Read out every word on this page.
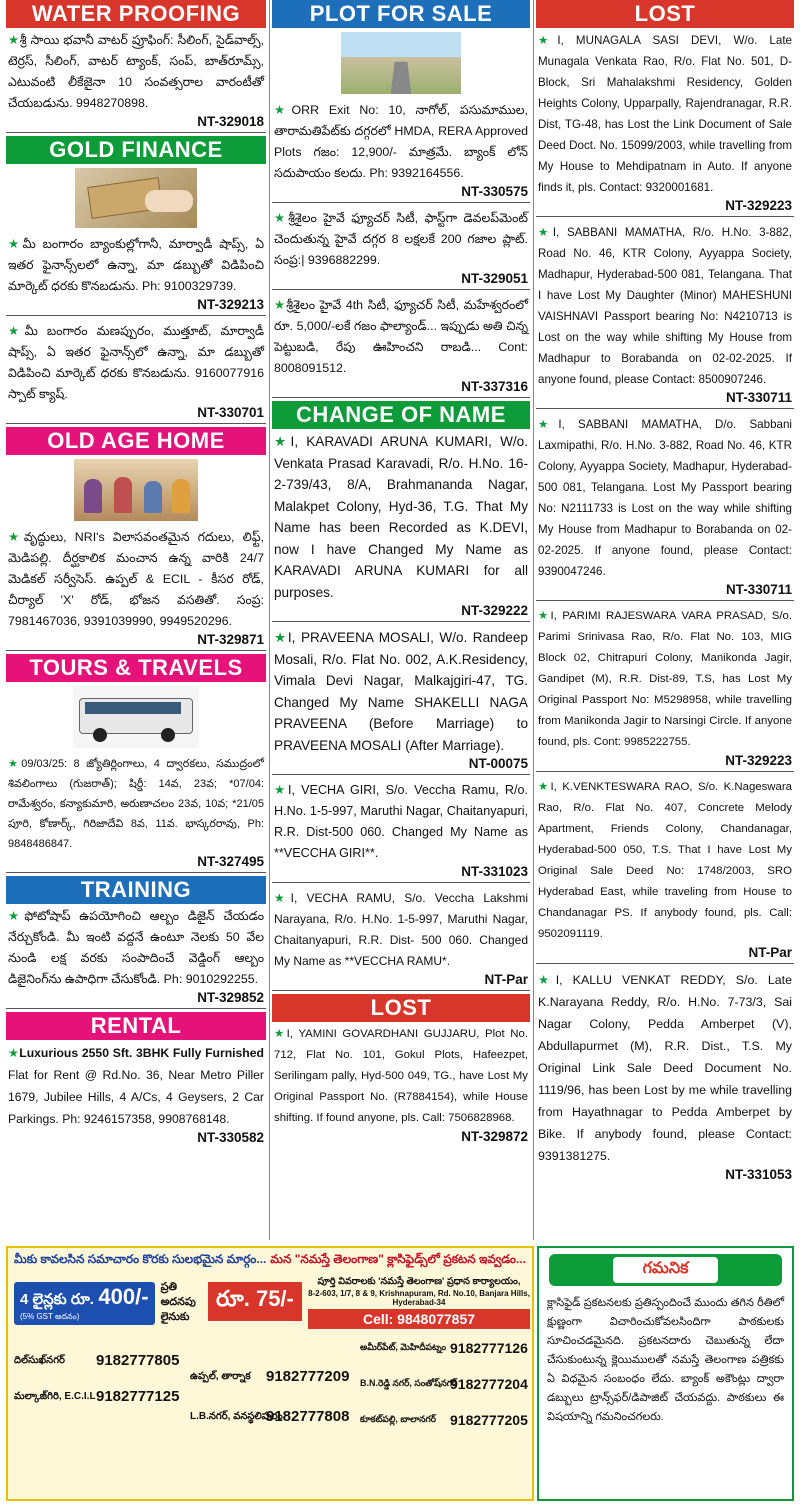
WATER PROOFING
★శ్రీ సాయి భవానీ వాటర్ ప్రూఫింగ్: సీలింగ్, సైడ్‌వాల్స్, టెర్రస్, సీలింగ్, వాటర్ ట్యాంక్, సంప్, బాత్‌రూమ్స్, ఎటువంటి లీకేజైనా 10 సంవత్సరాల వారంటీతో చేయబడును. 9948270898.
NT-329018
GOLD FINANCE
★మీ బంగారం బ్యాంకుల్లోగానీ, మార్వాడీ షాప్స్, ఏ ఇతర ఫైనాన్స్‌లలో ఉన్నా, మా డబ్బుతో విడిపించి మార్కెట్ ధరకు కొనబడును. Ph: 9100329739.
NT-329213
★మీ బంగారం మణప్పురం, ముత్తూట్, మార్వాడీ షాప్స్, ఏ ఇతర ఫైనాన్స్‌లో ఉన్నా, మా డబ్బుతో విడిపించి మార్కెట్ ధరకు కొనబడును. 9160077916 స్పాట్ క్యాష్.
NT-330701
OLD AGE HOME
★వృద్ధులు, NRI's విలాసవంతమైన గదులు, లిఫ్ట్, మెడిపల్లి. దీర్ఘకాలిక మంచాన ఉన్న వారికి 24/7 మెడికల్ సర్వీసెస్. ఉప్పల్ & ECIL - కీసర రోడ్, చీర్యాల్ 'X' రోడ్, భోజన వసతితో. సంప్ర: 7981467036, 9391039990, 9949520296.
NT-329871
TOURS & TRAVELS
★09/03/25: 8 జ్యోతిర్లింగాలు, 4 ద్వారకలు, సముద్రంలో శివలింగాలు (గుజరాత్); షిర్డీ: 14వ, 23వ; *07/04: రామేశ్వరం, కన్యాకుమారి, అరుణాచలం 23వ, 10వ; *21/05 పూరి, కోణార్క్, గిరిజాదేవి 8వ, 11వ. భాస్కరరావు, Ph: 9848486847.
NT-327495
TRAINING
★ఫోటోషాప్ ఉపయోగించి ఆల్బం డిజైన్ చేయడం నేర్చుకోండి. మీ ఇంటి వద్దనే ఉంటూ నెలకు 50 వేల నుండి లక్ష వరకు సంపాదించే వెడ్డింగ్ ఆల్బం డిజైనింగ్‌ను ఉపాధిగా చేసుకోండి. Ph: 9010292255.
NT-329852
RENTAL
★Luxurious 2550 Sft. 3BHK Fully Furnished Flat for Rent @ Rd.No. 36, Near Metro Piller 1679, Jubilee Hills, 4 A/Cs, 4 Geysers, 2 Car Parkings. Ph: 9246157358, 9908768148.
NT-330582
PLOT FOR SALE
★ORR Exit No: 10, నాగోల్, పసుమాముల, తారామతిపేట్‌కు దగ్గరలో HMDA, RERA Approved Plots గజం: 12,900/- మాత్రమే. బ్యాంక్ లోన్ సదుపాయం కలదు. Ph: 9392164556.
NT-330575
★శ్రీశైలం హైవే ఫ్యూచర్ సిటీ, ఫాస్ట్‌గా డెవలప్‌మెంట్ చెందుతున్న హైవే దగ్గర 8 లక్షలకే 200 గజాల ప్లాట్. సంప్ర:| 9396882299.
NT-329051
★శ్రీశైలం హైవే 4th సిటీ, ఫ్యూచర్ సిటీ, మహేశ్వరంలో రూ. 5,000/-లకే గజం ఫాల్యాండ్... ఇప్పుడు అతి చిన్న పెట్టుబడి, రేపు ఊహించని రాబడి... Cont: 8008091512.
NT-337316
CHANGE OF NAME
★I, KARAVADI ARUNA KUMARI, W/o. Venkata Prasad Karavadi, R/o. H.No. 16-2-739/43, 8/A, Brahmananda Nagar, Malakpet Colony, Hyd-36, T.G. That My Name has been Recorded as K.DEVI, now I have Changed My Name as KARAVADI ARUNA KUMARI for all purposes.
NT-329222
★I, PRAVEENA MOSALI, W/o. Randeep Mosali, R/o. Flat No. 002, A.K.Residency, Vimala Devi Nagar, Malkajgiri-47, TG. Changed My Name SHAKELLI NAGA PRAVEENA (Before Marriage) to PRAVEENA MOSALI (After Marriage).
NT-00075
★I, VECHA GIRI, S/o. Veccha Ramu, R/o. H.No. 1-5-997, Maruthi Nagar, Chaitanyapuri, R.R. Dist-500 060. Changed My Name as **VECCHA GIRI**.
NT-331023
★I, VECHA RAMU, S/o. Veccha Lakshmi Narayana, R/o. H.No. 1-5-997, Maruthi Nagar, Chaitanyapuri, R.R. Dist- 500 060. Changed My Name as **VECCHA RAMU*.
NT-Par
LOST
★I, YAMINI GOVARDHANI GUJJARU, Plot No. 712, Flat No. 101, Gokul Plots, Hafeezpet, Serilingam pally, Hyd-500 049, TG., have Lost My Original Passport No. (R7884154), while House shifting. If found anyone, pls. Call: 7506828968.
NT-329872
LOST
★I, MUNAGALA SASI DEVI, W/o. Late Munagala Venkata Rao, R/o. Flat No. 501, D-Block, Sri Mahalakshmi Residency, Golden Heights Colony, Upparpally, Rajendranagar, R.R. Dist, TG-48, has Lost the Link Document of Sale Deed Doct. No. 15099/2003, while travelling from My House to Mehdipatnam in Auto. If anyone finds it, pls. Contact: 9320001681.
NT-329223
★I, SABBANI MAMATHA, R/o. H.No. 3-882, Road No. 46, KTR Colony, Ayyappa Society, Madhapur, Hyderabad-500 081, Telangana. That I have Lost My Daughter (Minor) MAHESHUNI VAISHNAVI Passport bearing No: N4210713 is Lost on the way while shifting My House from Madhapur to Borabanda on 02-02-2025. If anyone found, please Contact: 8500907246.
NT-330711
★I, SABBANI MAMATHA, D/o. Sabbani Laxmipathi, R/o. H.No. 3-882, Road No. 46, KTR Colony, Ayyappa Society, Madhapur, Hyderabad-500 081, Telangana. Lost My Passport bearing No: N2111733 is Lost on the way while shifting My House from Madhapur to Borabanda on 02-02-2025. If anyone found, please Contact: 9390047246.
NT-330711
★I, PARIMI RAJESWARA VARA PRASAD, S/o. Parimi Srinivasa Rao, R/o. Flat No. 103, MIG Block 02, Chitrapuri Colony, Manikonda Jagir, Gandipet (M), R.R. Dist-89, T.S, has Lost My Original Passport No: M5298958, while travelling from Manikonda Jagir to Narsingi Circle. If anyone found, pls. Cont: 9985222755.
NT-329223
★I, K.VENKTESWARA RAO, S/o. K.Nageswara Rao, R/o. Flat No. 407, Concrete Melody Apartment, Friends Colony, Chandanagar, Hyderabad-500 050, T.S. That I have Lost My Original Sale Deed No: 1748/2003, SRO Hyderabad East, while traveling from House to Chandanagar PS. If anybody found, pls. Call: 9502091119.
NT-Par
★I, KALLU VENKAT REDDY, S/o. Late K.Narayana Reddy, R/o. H.No. 7-73/3, Sai Nagar Colony, Pedda Amberpet (V), Abdullapurmet (M), R.R. Dist., T.S. My Original Link Sale Deed Document No. 1119/96, has been Lost by me while travelling from Hayathnagar to Pedda Amberpet by Bike. If anybody found, please Contact: 9391381275.
NT-331053
మీకు కావలసిన సమాచారం కొరకు సులభమైన మార్గం... మన "నమస్తే తెలంగాణ" క్లాసిఫైడ్స్‌లో ప్రకటన ఇవ్వడం...
4 లైన్లకు రూ. 400/-
(5% GST అదనం)
ప్రతి అదనపు లైనుకు
రూ. 75/-
పూర్తి వివరాలకు 'నమస్తే తెలంగాణ' ప్రధాన కార్యాలయం,
8-2-603, 1/7, 8 & 9, Krishnapuram, Rd. No.10, Banjara Hills, Hyderabad-34
Cell: 9848077857
దిల్‌సుఖ్‌నగర్ 9182777805
మల్కాజ్‌గిరి, E.C.I.L 9182777125
ఉప్పల్, తార్నాక 9182777209
L.B.నగర్, వనస్థలిపురం
9182777808
అమీర్‌పేట్, మెహిదీపట్నం 9182777126
B.N.రెడ్డి నగర్, సంతోష్‌నగర్
9182777204
కూకట్‌పల్లి, బాలానగర్ 9182777205
గమనిక
క్లాసిఫైడ్ ప్రకటనలకు ప్రతిస్పందించే ముందు తగిన రీతిలో క్షుణ్ణంగా విచారించుకోవలసిందిగా పాఠకులకు సూచించడమైనది. ప్రకటనదారు చెబుతున్న లేదా చేసుకుంటున్న క్లెయిములతో నమస్తే తెలంగాణ పత్రికకు ఏ విధమైన సంబంధం లేదు. బ్యాంక్ అకౌంట్లు ద్వారా డబ్బులు ట్రాన్స్‌ఫర్/డిపాజిట్ చేయవద్దు. పాఠకులు ఈ విషయాన్ని గమనించగలరు.
